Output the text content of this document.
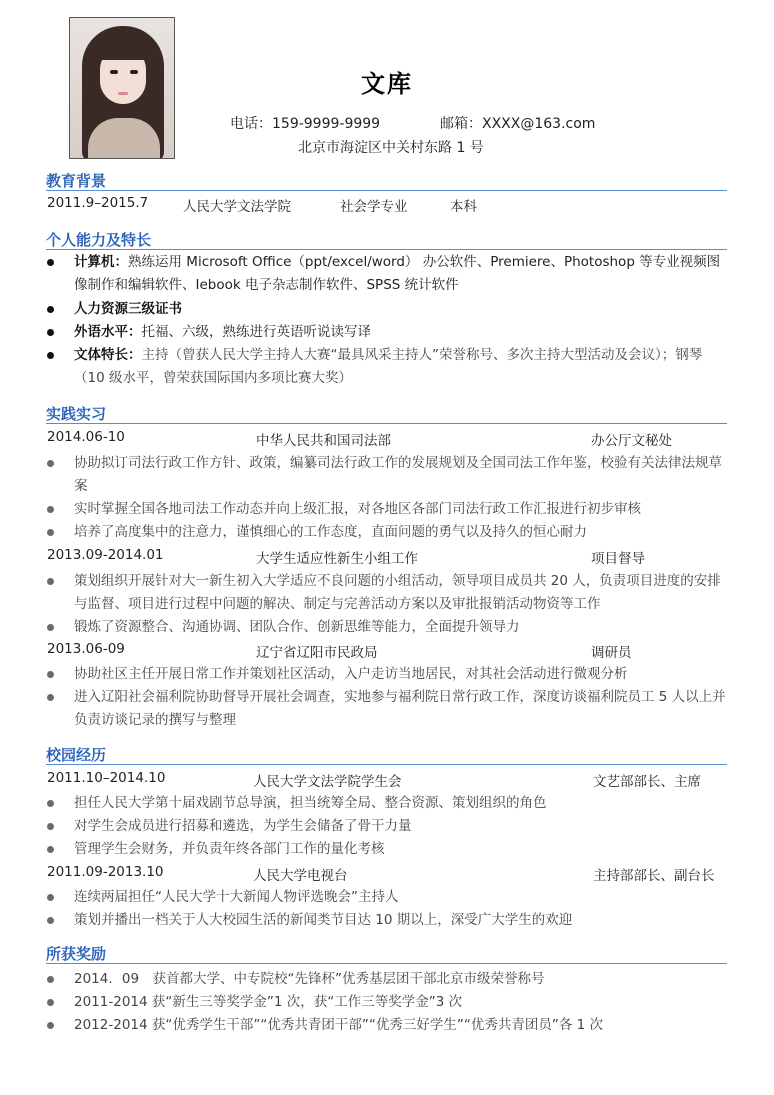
文库
电话：159-9999-9999	邮箱：XXXX@163.com
北京市海淀区中关村东路 1 号
教育背景
2011.9–2015.7	人民大学文法学院	社会学专业	本科
个人能力及特长
计算机：熟练运用 Microsoft Office（ppt/excel/word） 办公软件、Premiere、Photoshop 等专业视频图
像制作和编辑软件、Iebook 电子杂志制作软件、SPSS 统计软件
人力资源三级证书
外语水平：托福、六级，熟练进行英语听说读写译
文体特长：主持（曾获人民大学主持人大赛“最具风采主持人”荣誉称号、多次主持大型活动及会议）；钢琴
（10 级水平，曾荣获国际国内多项比赛大奖）
实践实习
2014.06-10	中华人民共和国司法部	办公厅文秘处
协助拟订司法行政工作方针、政策，编纂司法行政工作的发展规划及全国司法工作年鉴，校验有关法律法规草
案
实时掌握全国各地司法工作动态并向上级汇报，对各地区各部门司法行政工作汇报进行初步审核
培养了高度集中的注意力，谨慎细心的工作态度，直面问题的勇气以及持久的恒心耐力
2013.09-2014.01	大学生适应性新生小组工作	项目督导
策划组织开展针对大一新生初入大学适应不良问题的小组活动，领导项目成员共 20 人，负责项目进度的安排
与监督、项目进行过程中问题的解决、制定与完善活动方案以及审批报销活动物资等工作
锻炼了资源整合、沟通协调、团队合作、创新思维等能力，全面提升领导力
2013.06-09	辽宁省辽阳市民政局	调研员
协助社区主任开展日常工作并策划社区活动，入户走访当地居民，对其社会活动进行微观分析
进入辽阳社会福利院协助督导开展社会调查，实地参与福利院日常行政工作，深度访谈福利院员工 5 人以上并
负责访谈记录的撰写与整理
校园经历
2011.10–2014.10	人民大学文法学院学生会	文艺部部长、主席
担任人民大学第十届戏剧节总导演，担当统筹全局、整合资源、策划组织的角色
对学生会成员进行招募和遴选，为学生会储备了骨干力量
管理学生会财务，并负责年终各部门工作的量化考核
2011.09-2013.10	人民大学电视台	主持部部长、副台长
连续两届担任“人民大学十大新闻人物评选晚会”主持人
策划并播出一档关于人大校园生活的新闻类节目达 10 期以上，深受广大学生的欢迎
所获奖励
2014．09　获首都大学、中专院校“先锋杯”优秀基层团干部北京市级荣誉称号
2011-2014 获“新生三等奖学金”1 次，获“工作三等奖学金”3 次
2012-2014 获“优秀学生干部”“优秀共青团干部”“优秀三好学生”“优秀共青团员”各 1 次
